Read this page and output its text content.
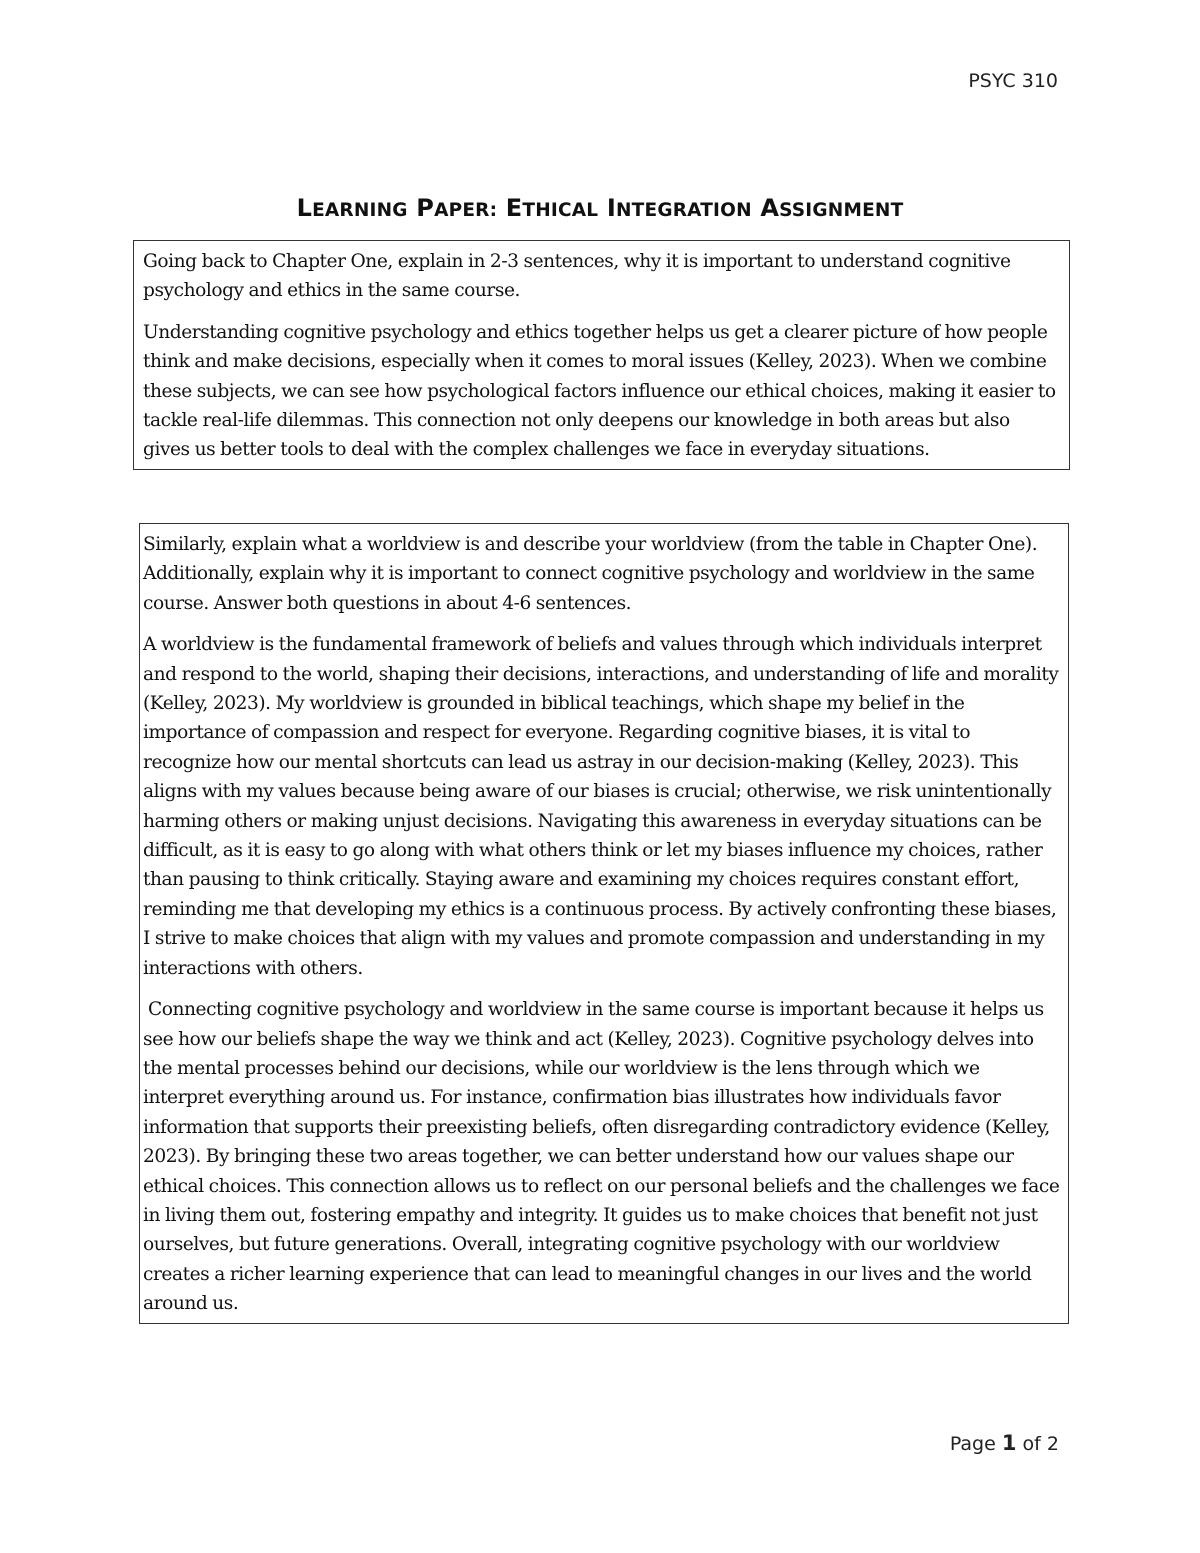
PSYC 310
LEARNING PAPER: ETHICAL INTEGRATION ASSIGNMENT

Going back to Chapter One, explain in 2-3 sentences, why it is important to understand cognitive psychology and ethics in the same course.

Understanding cognitive psychology and ethics together helps us get a clearer picture of how people think and make decisions, especially when it comes to moral issues (Kelley, 2023). When we combine these subjects, we can see how psychological factors influence our ethical choices, making it easier to tackle real-life dilemmas. This connection not only deepens our knowledge in both areas but also gives us better tools to deal with the complex challenges we face in everyday situations.

Similarly, explain what a worldview is and describe your worldview (from the table in Chapter One). Additionally, explain why it is important to connect cognitive psychology and worldview in the same course. Answer both questions in about 4-6 sentences.

A worldview is the fundamental framework of beliefs and values through which individuals interpret and respond to the world, shaping their decisions, interactions, and understanding of life and morality (Kelley, 2023). My worldview is grounded in biblical teachings, which shape my belief in the importance of compassion and respect for everyone. Regarding cognitive biases, it is vital to recognize how our mental shortcuts can lead us astray in our decision-making (Kelley, 2023). This aligns with my values because being aware of our biases is crucial; otherwise, we risk unintentionally harming others or making unjust decisions. Navigating this awareness in everyday situations can be difficult, as it is easy to go along with what others think or let my biases influence my choices, rather than pausing to think critically. Staying aware and examining my choices requires constant effort, reminding me that developing my ethics is a continuous process. By actively confronting these biases, I strive to make choices that align with my values and promote compassion and understanding in my interactions with others.

Connecting cognitive psychology and worldview in the same course is important because it helps us see how our beliefs shape the way we think and act (Kelley, 2023). Cognitive psychology delves into the mental processes behind our decisions, while our worldview is the lens through which we interpret everything around us. For instance, confirmation bias illustrates how individuals favor information that supports their preexisting beliefs, often disregarding contradictory evidence (Kelley, 2023). By bringing these two areas together, we can better understand how our values shape our ethical choices. This connection allows us to reflect on our personal beliefs and the challenges we face in living them out, fostering empathy and integrity. It guides us to make choices that benefit not just ourselves, but future generations. Overall, integrating cognitive psychology with our worldview creates a richer learning experience that can lead to meaningful changes in our lives and the world around us.

Page 1 of 2
